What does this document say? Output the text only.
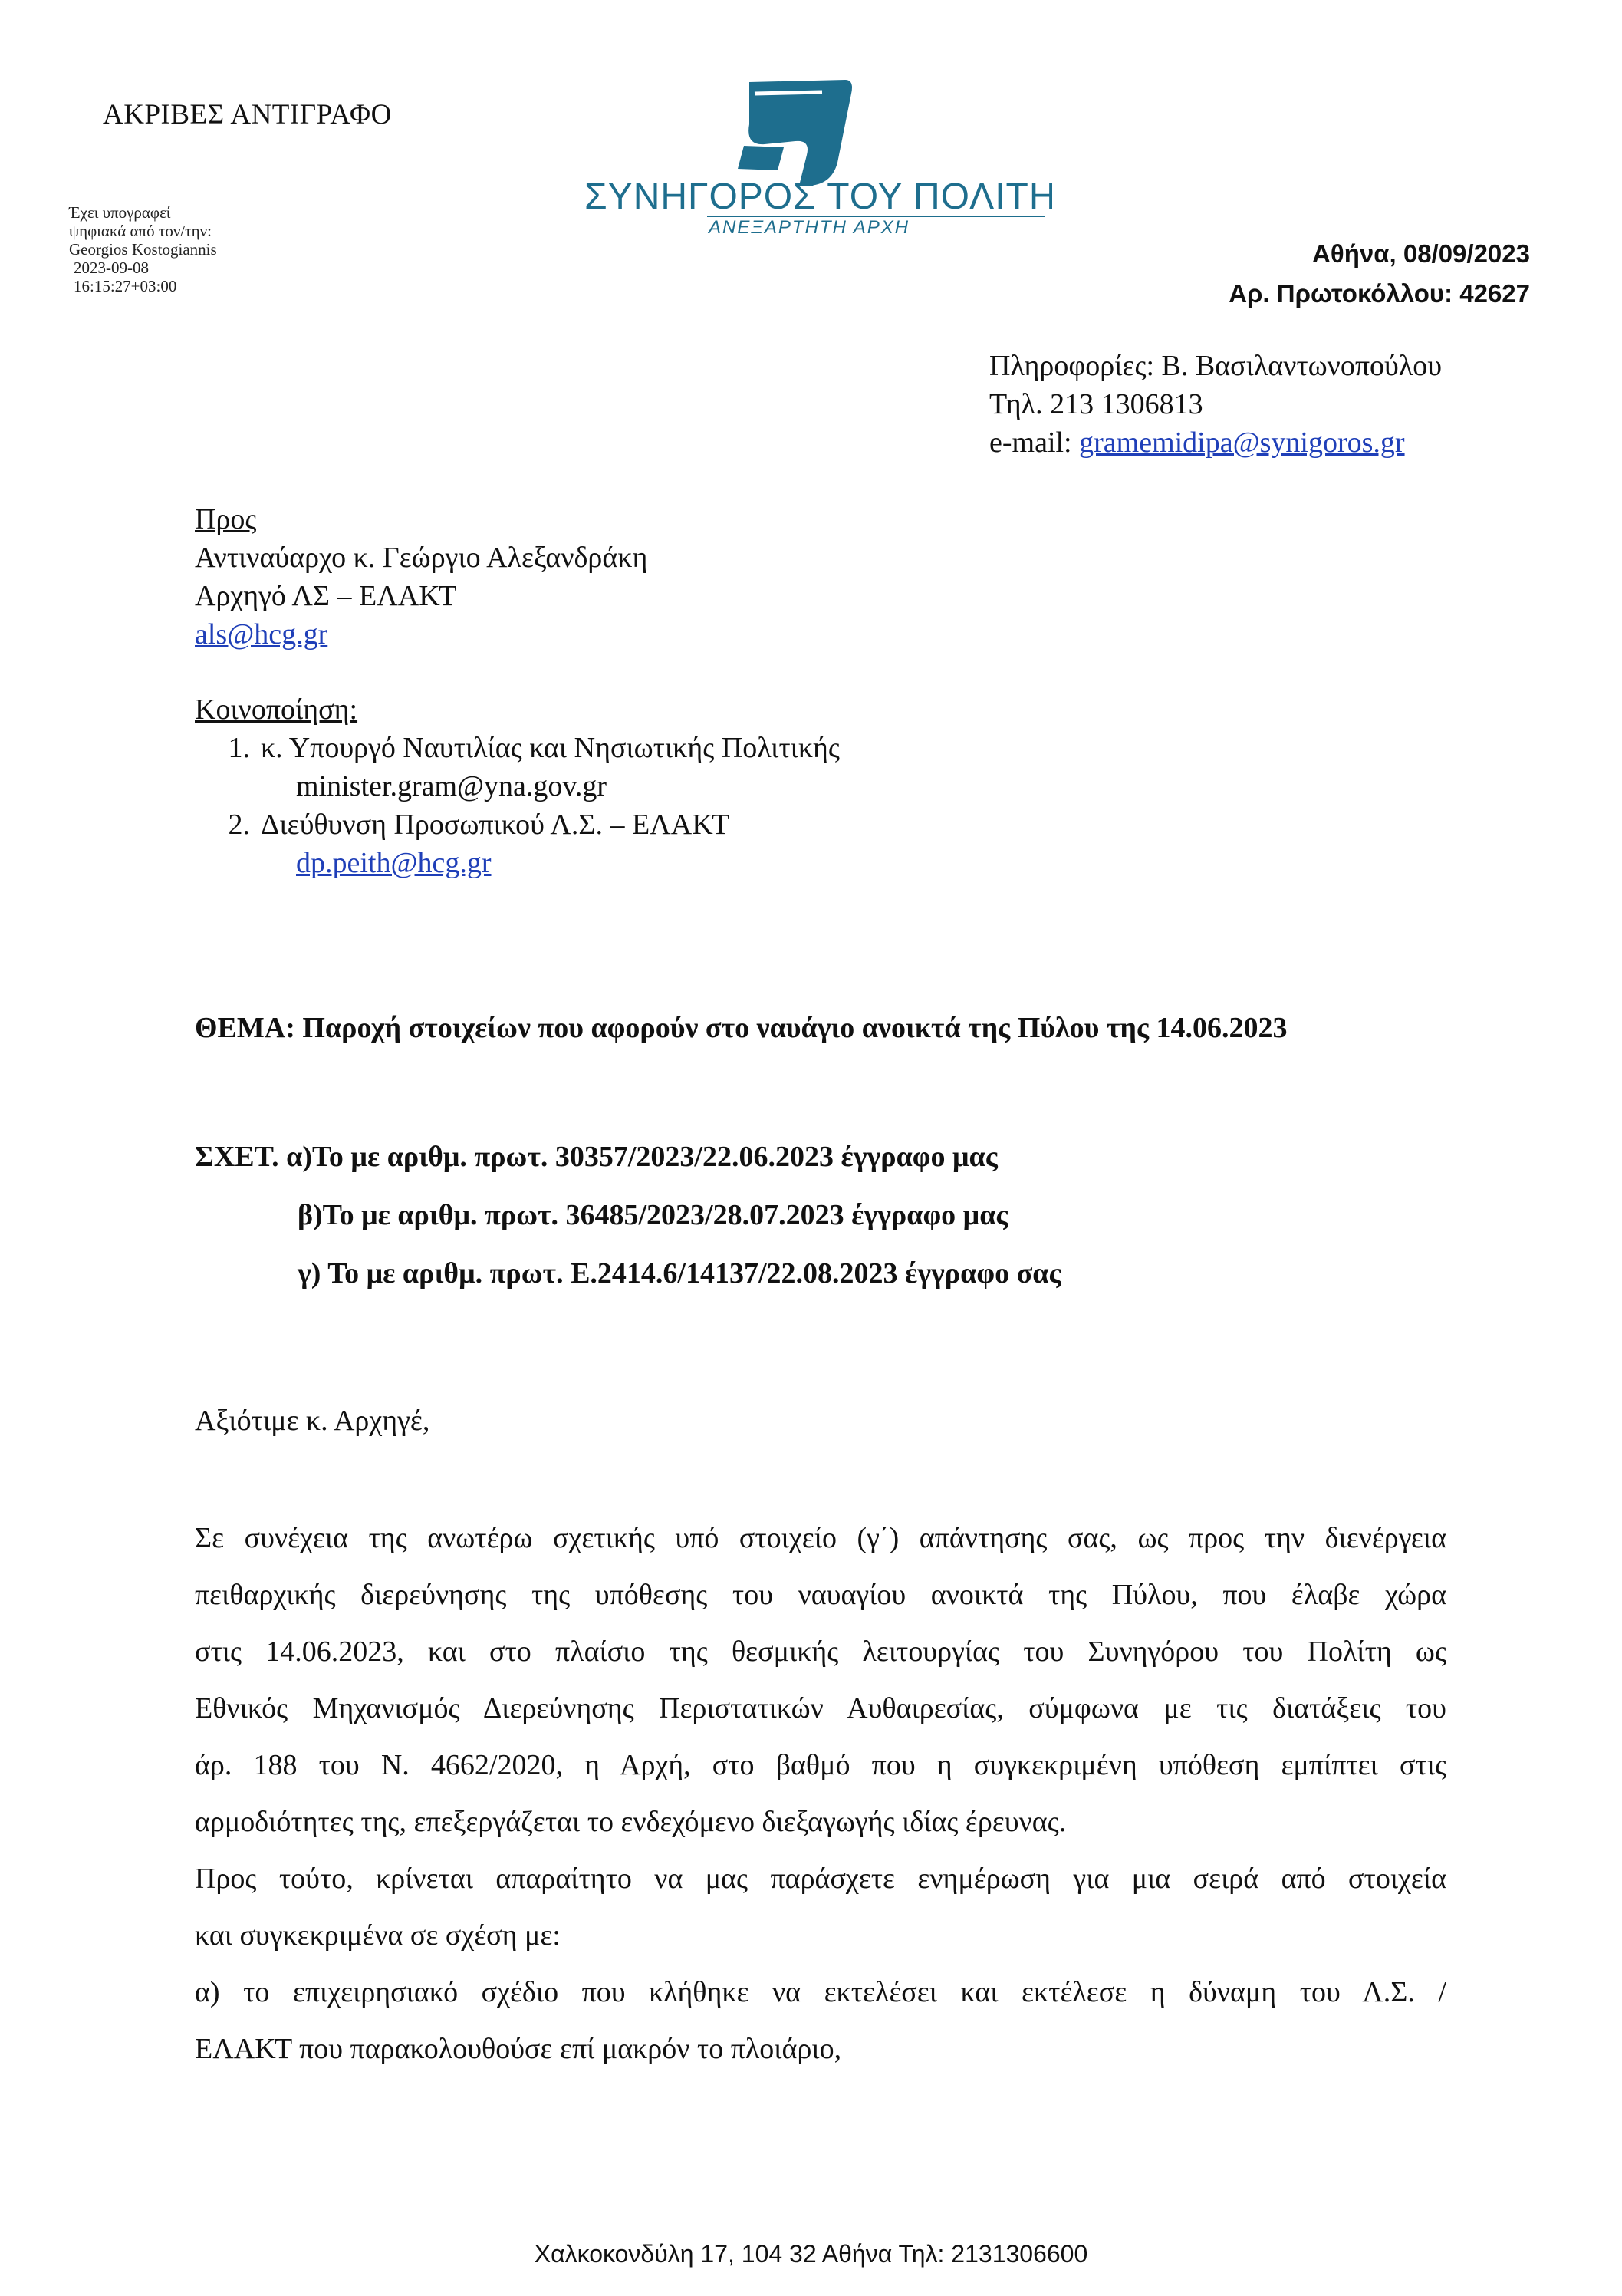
ΑΚΡΙΒΕΣ ΑΝΤΙΓΡΑΦΟ
Έχει υπογραφεί
ψηφιακά από τον/την:
Georgios Kostogiannis
2023-09-08
16:15:27+03:00
ΣΥΝΗΓΟΡΟΣ ΤΟΥ ΠΟΛΙΤΗ
ΑΝΕΞΑΡΤΗΤΗ ΑΡΧΗ
Αθήνα, 08/09/2023
Αρ. Πρωτοκόλλου: 42627
Πληροφορίες: Β. Βασιλαντωνοπούλου
Τηλ. 213 1306813
e-mail: gramemidipa@synigoros.gr
Προς
Αντιναύαρχο κ. Γεώργιο Αλεξανδράκη
Αρχηγό ΛΣ – ΕΛΑΚΤ
als@hcg.gr
Κοινοποίηση:
1. κ. Υπουργό Ναυτιλίας και Νησιωτικής Πολιτικής
minister.gram@yna.gov.gr
2. Διεύθυνση Προσωπικού Λ.Σ. – ΕΛΑΚΤ
dp.peith@hcg.gr
ΘΕΜΑ: Παροχή στοιχείων που αφορούν στο ναυάγιο ανοικτά της Πύλου της 14.06.2023
ΣΧΕΤ. α)Το με αριθμ. πρωτ. 30357/2023/22.06.2023 έγγραφο μας
β)Το με αριθμ. πρωτ. 36485/2023/28.07.2023 έγγραφο μας
γ) Το με αριθμ. πρωτ. Ε.2414.6/14137/22.08.2023 έγγραφο σας
Αξιότιμε κ. Αρχηγέ,
Σε συνέχεια της ανωτέρω σχετικής υπό στοιχείο (γ΄) απάντησης σας, ως προς την διενέργεια
πειθαρχικής διερεύνησης της υπόθεσης του ναυαγίου ανοικτά της Πύλου, που έλαβε χώρα
στις 14.06.2023, και στο πλαίσιο της θεσμικής λειτουργίας του Συνηγόρου του Πολίτη ως
Εθνικός Μηχανισμός Διερεύνησης Περιστατικών Αυθαιρεσίας, σύμφωνα με τις διατάξεις του
άρ. 188 του Ν. 4662/2020, η Αρχή, στο βαθμό που η συγκεκριμένη υπόθεση εμπίπτει στις

αρμοδιότητες της, επεξεργάζεται το ενδεχόμενο διεξαγωγής ιδίας έρευνας.

Προς τούτο, κρίνεται απαραίτητο να μας παράσχετε ενημέρωση για μια σειρά από στοιχεία

και συγκεκριμένα σε σχέση με:

α) το επιχειρησιακό σχέδιο που κλήθηκε να εκτελέσει και εκτέλεσε η δύναμη του Λ.Σ. /

ΕΛΑΚΤ που παρακολουθούσε επί μακρόν το πλοιάριο,

Χαλκοκονδύλη 17, 104 32 Αθήνα Τηλ: 2131306600
